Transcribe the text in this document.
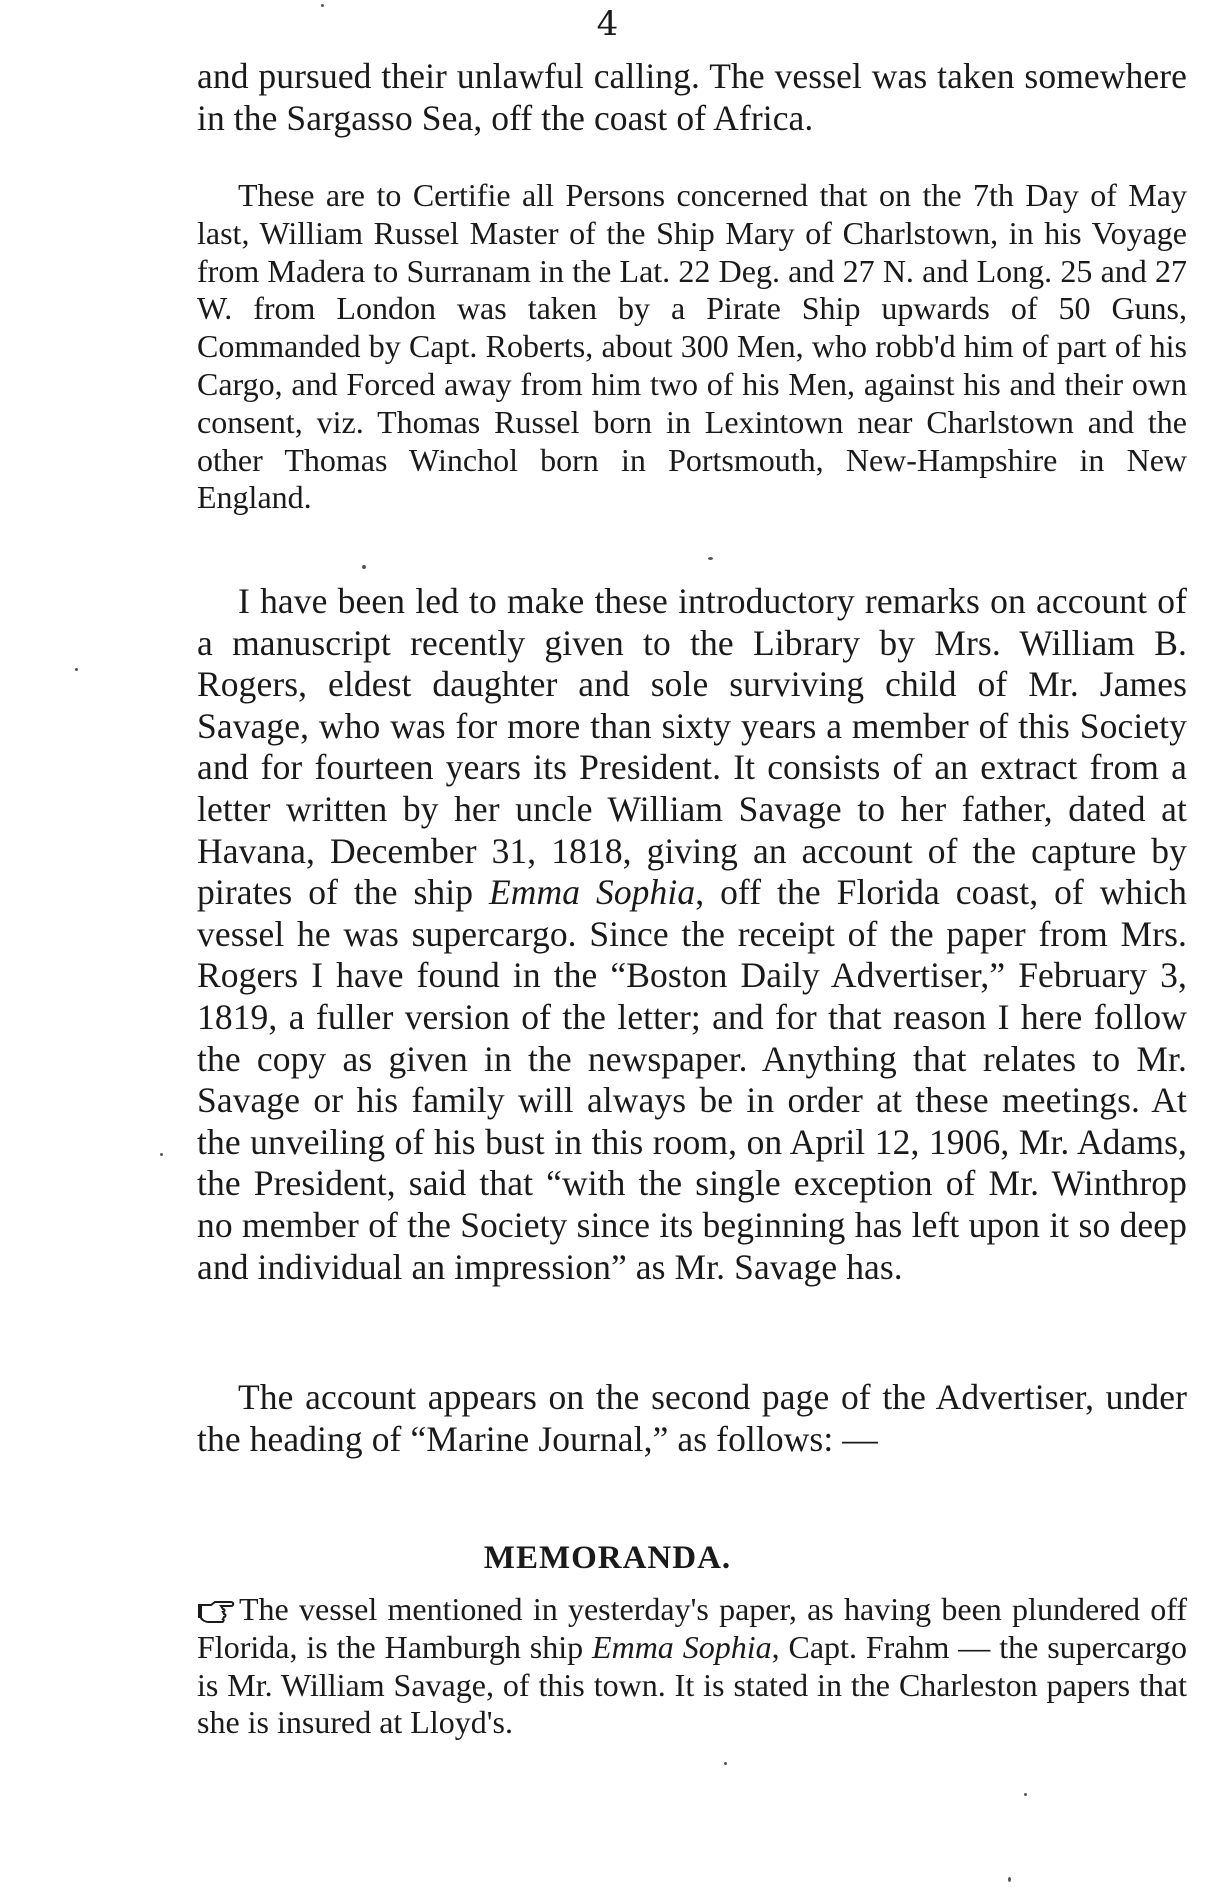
4

and pursued their unlawful calling. The vessel was taken somewhere in the Sargasso Sea, off the coast of Africa.

These are to Certifie all Persons concerned that on the 7th Day of May last, William Russel Master of the Ship Mary of Charlstown, in his Voyage from Madera to Surranam in the Lat. 22 Deg. and 27 N. and Long. 25 and 27 W. from London was taken by a Pirate Ship upwards of 50 Guns, Commanded by Capt. Roberts, about 300 Men, who robb'd him of part of his Cargo, and Forced away from him two of his Men, against his and their own consent, viz. Thomas Russel born in Lexintown near Charlstown and the other Thomas Winchol born in Portsmouth, New-Hampshire in New England.

I have been led to make these introductory remarks on account of a manuscript recently given to the Library by Mrs. William B. Rogers, eldest daughter and sole surviving child of Mr. James Savage, who was for more than sixty years a member of this Society and for fourteen years its President. It consists of an extract from a letter written by her uncle William Savage to her father, dated at Havana, December 31, 1818, giving an account of the capture by pirates of the ship Emma Sophia, off the Florida coast, of which vessel he was supercargo. Since the receipt of the paper from Mrs. Rogers I have found in the “Boston Daily Advertiser,” February 3, 1819, a fuller version of the letter; and for that reason I here follow the copy as given in the newspaper. Anything that relates to Mr. Savage or his family will always be in order at these meetings. At the unveiling of his bust in this room, on April 12, 1906, Mr. Adams, the President, said that “with the single exception of Mr. Winthrop no member of the Society since its beginning has left upon it so deep and individual an impression” as Mr. Savage has.

The account appears on the second page of the Advertiser, under the heading of “Marine Journal,” as follows: —

MEMORANDA.

The vessel mentioned in yesterday's paper, as having been plundered off Florida, is the Hamburgh ship Emma Sophia, Capt. Frahm — the supercargo is Mr. William Savage, of this town. It is stated in the Charleston papers that she is insured at Lloyd's.
